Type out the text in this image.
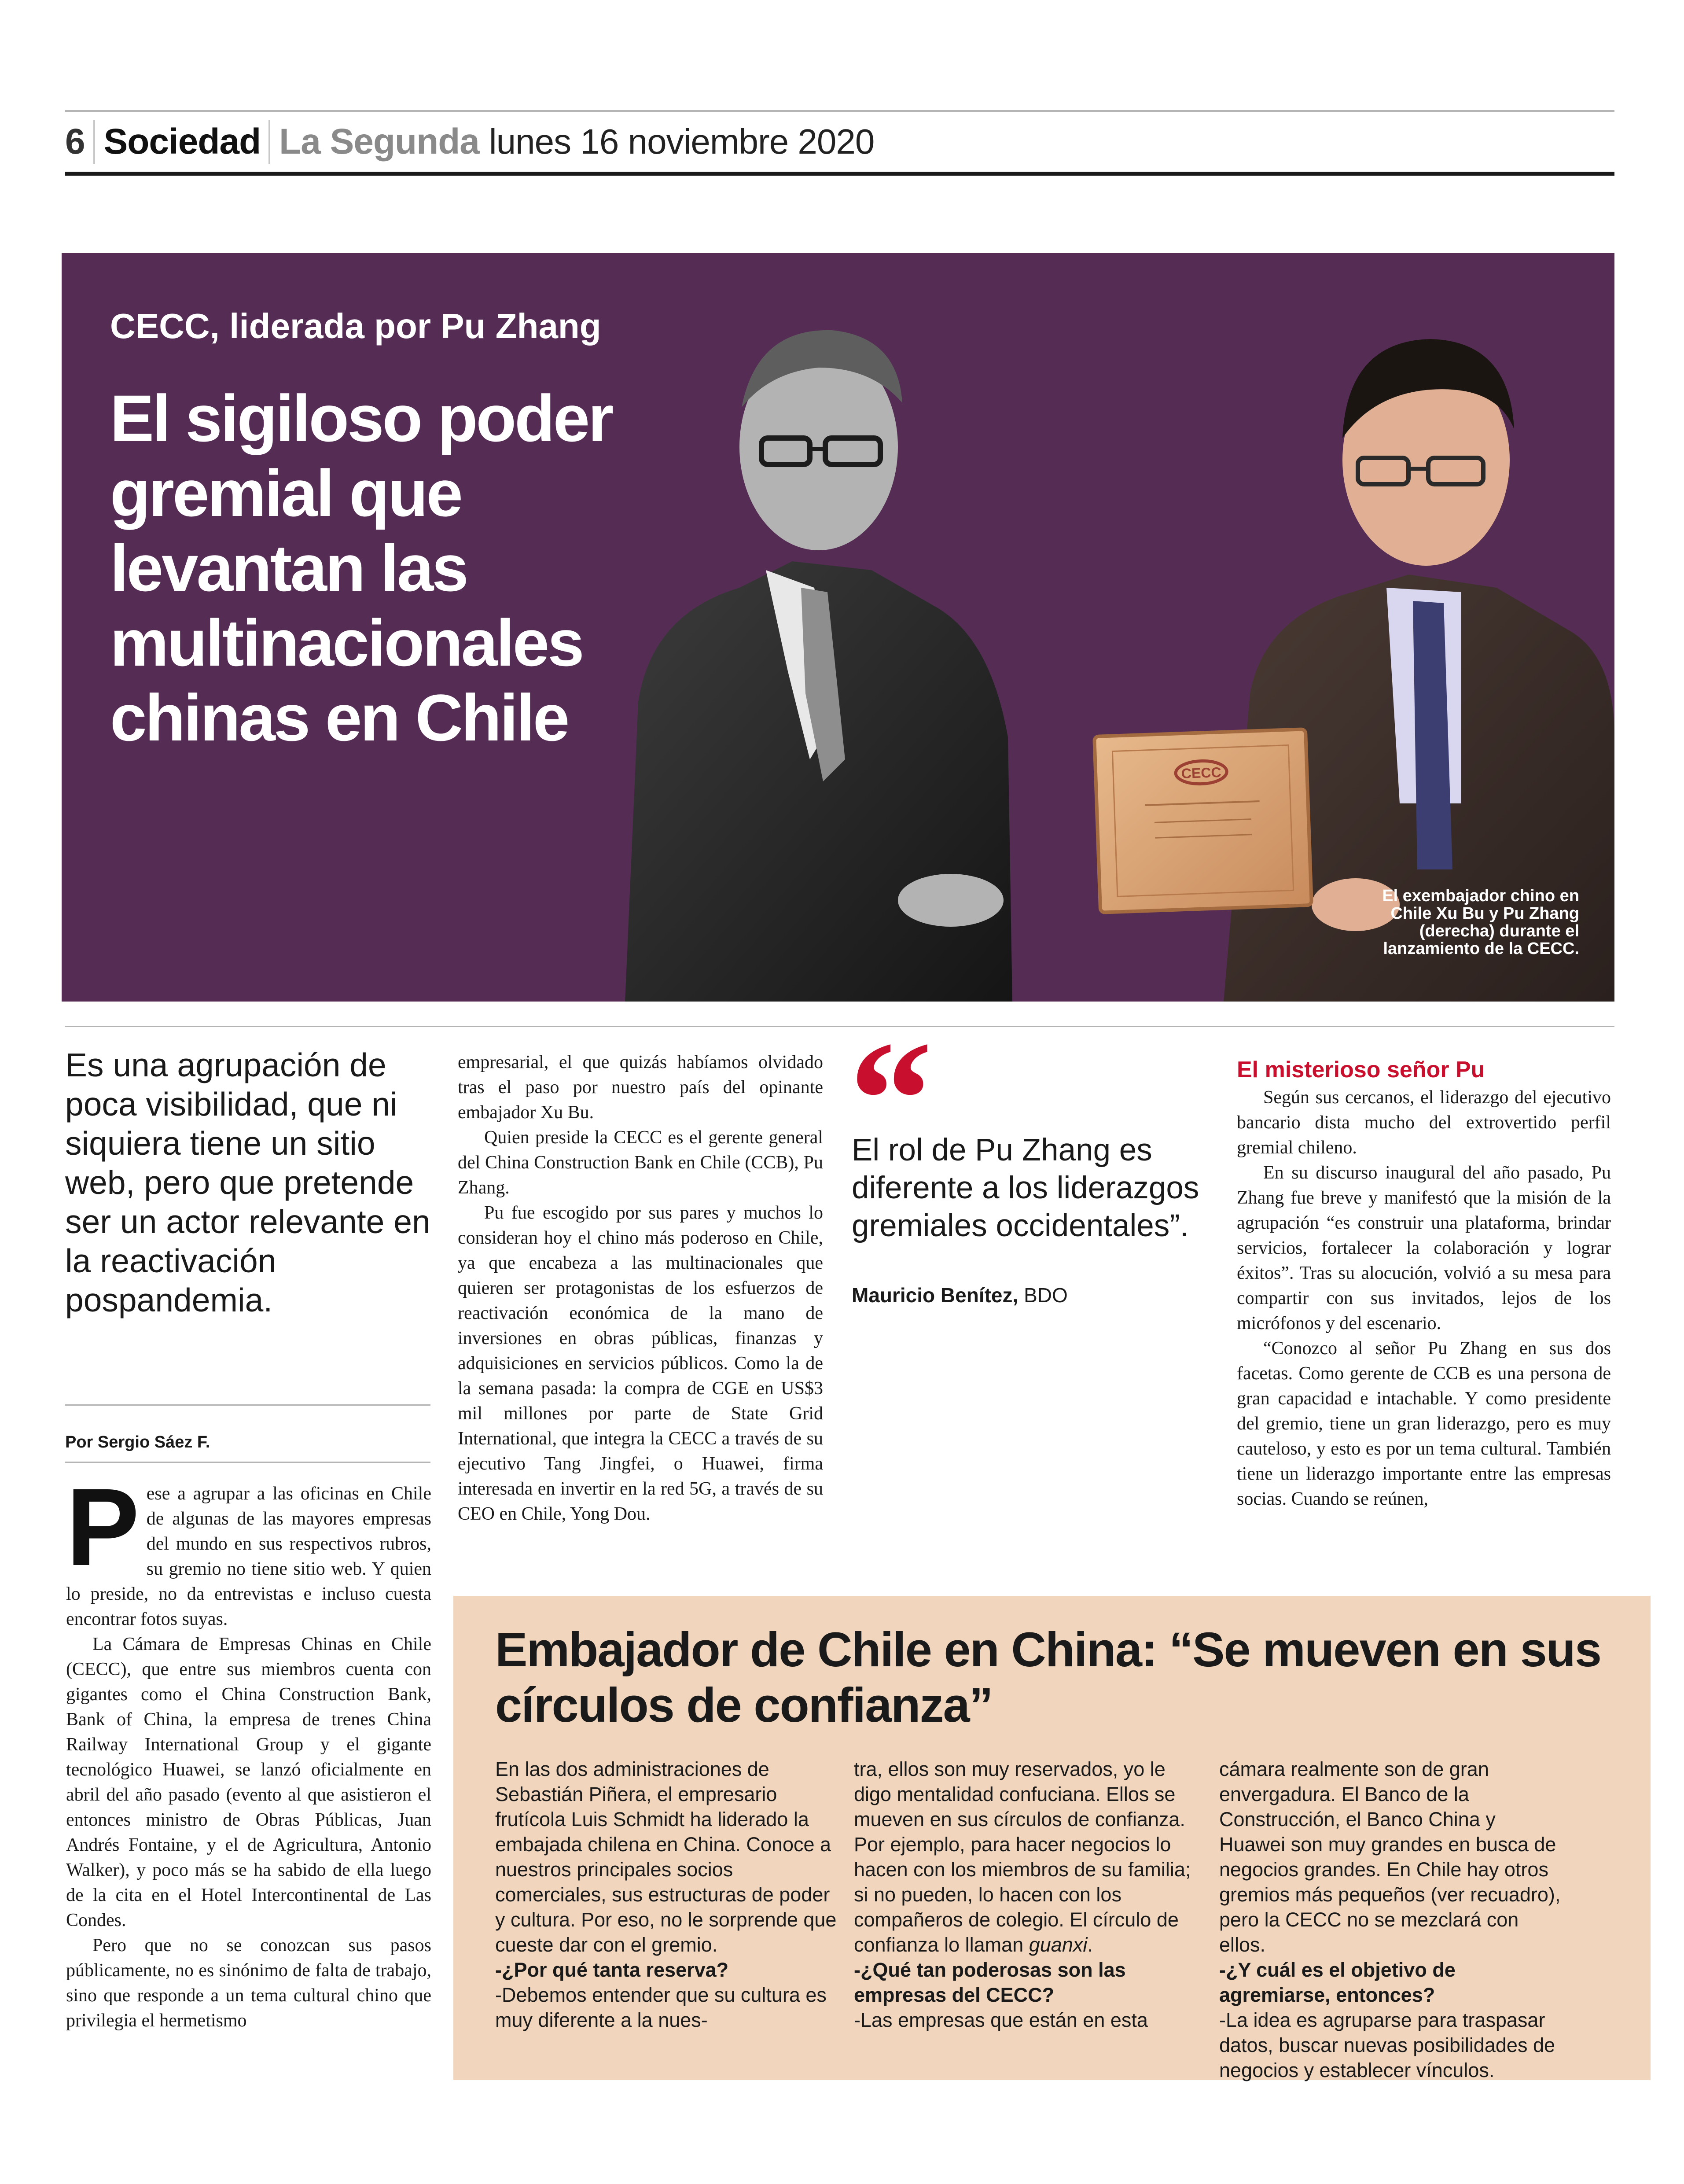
6 Sociedad La Segunda lunes 16 noviembre 2020
CECC
CECC, liderada por Pu Zhang
El sigiloso poder gremial que levantan las multinacionales chinas en Chile
El exembajador chino en Chile Xu Bu y Pu Zhang (derecha) durante el lanzamiento de la CECC.

Es una agrupación de poca visibilidad, que ni siquiera tiene un sitio web, pero que pretende ser un actor relevante en la reactivación pospandemia.

Por Sergio Sáez F.
P ese a agrupar a las oficinas en Chile de algunas de las mayores empresas del mundo en sus respectivos rubros, su gremio no tiene sitio web. Y quien lo preside, no da entrevistas e incluso cuesta encontrar fotos suyas.

La Cámara de Empresas Chinas en Chile (CECC), que entre sus miembros cuenta con gigantes como el China Construction Bank, Bank of China, la empresa de trenes China Railway International Group y el gigante tecnológico Huawei, se lanzó oficialmente en abril del año pasado (evento al que asistieron el entonces ministro de Obras Públicas, Juan Andrés Fontaine, y el de Agricultura, Antonio Walker), y poco más se ha sabido de ella luego de la cita en el Hotel Intercontinental de Las Condes.

Pero que no se conozcan sus pasos públicamente, no es sinónimo de falta de trabajo, sino que responde a un tema cultural chino que privilegia el hermetismo

empresarial, el que quizás habíamos olvidado tras el paso por nuestro país del opinante embajador Xu Bu.

Quien preside la CECC es el gerente general del China Construction Bank en Chile (CCB), Pu Zhang.

Pu fue escogido por sus pares y muchos lo consideran hoy el chino más poderoso en Chile, ya que encabeza a las multinacionales que quieren ser protagonistas de los esfuerzos de reactivación económica de la mano de inversiones en obras públicas, finanzas y adquisiciones en servicios públicos. Como la de la semana pasada: la compra de CGE en US$3 mil millones por parte de State Grid International, que integra la CECC a través de su ejecutivo Tang Jingfei, o Huawei, firma interesada en invertir en la red 5G, a través de su CEO en Chile, Yong Dou.

“

El rol de Pu Zhang es diferente a los liderazgos gremiales occidentales”.

Mauricio Benítez, BDO
El misterioso señor Pu

Según sus cercanos, el liderazgo del ejecutivo bancario dista mucho del extrovertido perfil gremial chileno.

En su discurso inaugural del año pasado, Pu Zhang fue breve y manifestó que la misión de la agrupación “es construir una plataforma, brindar servicios, fortalecer la colaboración y lograr éxitos”. Tras su alocución, volvió a su mesa para compartir con sus invitados, lejos de los micrófonos y del escenario.

“Conozco al señor Pu Zhang en sus dos facetas. Como gerente de CCB es una persona de gran capacidad e intachable. Y como presidente del gremio, tiene un gran liderazgo, pero es muy cauteloso, y esto es por un tema cultural. También tiene un liderazgo importante entre las empresas socias. Cuando se reúnen,

Embajador de Chile en China: “Se mueven en sus círculos de confianza”

En las dos administraciones de Sebastián Piñera, el empresario frutícola Luis Schmidt ha liderado la embajada chilena en China. Conoce a nuestros principales socios comerciales, sus estructuras de poder y cultura. Por eso, no le sorprende que cueste dar con el gremio.

-¿Por qué tanta reserva?

-Debemos entender que su cultura es muy diferente a la nues-

tra, ellos son muy reservados, yo le digo mentalidad confuciana. Ellos se mueven en sus círculos de confianza. Por ejemplo, para hacer negocios lo hacen con los miembros de su familia; si no pueden, lo hacen con los compañeros de colegio. El círculo de confianza lo llaman guanxi.

-¿Qué tan poderosas son las empresas del CECC?

-Las empresas que están en esta

cámara realmente son de gran envergadura. El Banco de la Construcción, el Banco China y Huawei son muy grandes en busca de negocios grandes. En Chile hay otros gremios más pequeños (ver recuadro), pero la CECC no se mezclará con ellos.

-¿Y cuál es el objetivo de agremiarse, entonces?

-La idea es agruparse para traspasar datos, buscar nuevas posibilidades de negocios y establecer vínculos.
